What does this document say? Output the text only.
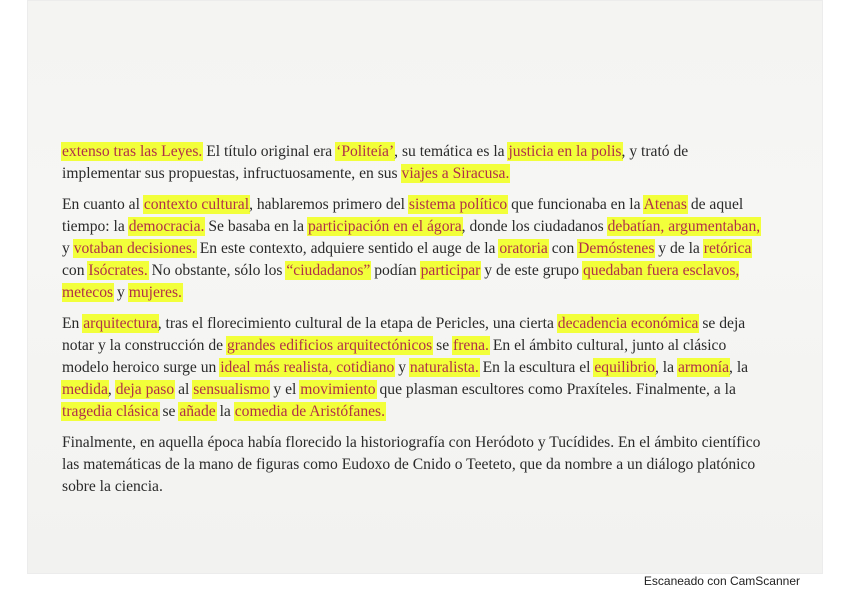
extenso tras las Leyes. El título original era ‘Politeía’, su temática es la justicia en la polis, y trató de implementar sus propuestas, infructuosamente, en sus viajes a Siracusa.

En cuanto al contexto cultural, hablaremos primero del sistema político que funcionaba en la Atenas de aquel tiempo: la democracia. Se basaba en la participación en el ágora, donde los ciudadanos debatían, argumentaban, y votaban decisiones. En este contexto, adquiere sentido el auge de la oratoria con Demóstenes y de la retórica con Isócrates. No obstante, sólo los “ciudadanos” podían participar y de este grupo quedaban fuera esclavos, metecos y mujeres.

En arquitectura, tras el florecimiento cultural de la etapa de Pericles, una cierta decadencia económica se deja notar y la construcción de grandes edificios arquitectónicos se frena. En el ámbito cultural, junto al clásico modelo heroico surge un ideal más realista, cotidiano y naturalista. En la escultura el equilibrio, la armonía, la medida, deja paso al sensualismo y el movimiento que plasman escultores como Praxíteles. Finalmente, a la tragedia clásica se añade la comedia de Aristófanes.

Finalmente, en aquella época había florecido la historiografía con Heródoto y Tucídides. En el ámbito científico las matemáticas de la mano de figuras como Eudoxo de Cnido o Teeteto, que da nombre a un diálogo platónico sobre la ciencia.

Escaneado con CamScanner
